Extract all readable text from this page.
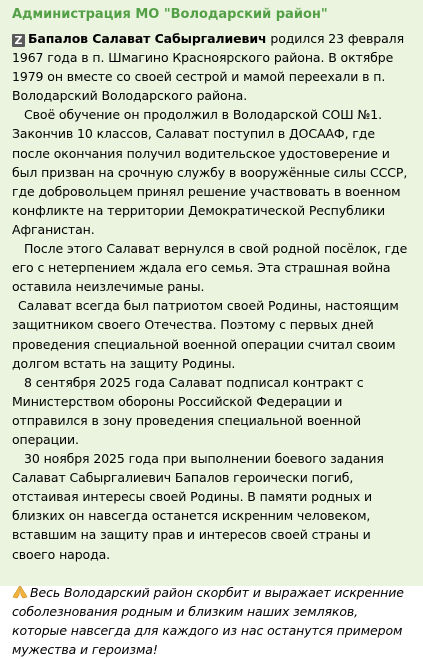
Администрация МО "Володарский район"

Z Бапалов Салават Сабыргалиевич родился 23 февраля 1967 года в п. Шмагино Красноярского района. В октябре 1979 он вместе со своей сестрой и мамой переехали в п. Володарский Володарского района.

Своё обучение он продолжил в Володарской СОШ №1. Закончив 10 классов, Салават поступил в ДОСААФ, где после окончания получил водительское удостоверение и был призван на срочную службу в вооружённые силы СССР, где добровольцем принял решение участвовать в военном конфликте на территории Демократической Республики Афганистан.

После этого Салават вернулся в свой родной посёлок, где его с нетерпением ждала его семья. Эта страшная война оставила неизлечимые раны.

Салават всегда был патриотом своей Родины, настоящим защитником своего Отечества. Поэтому с первых дней проведения специальной военной операции считал своим долгом встать на защиту Родины.

8 сентября 2025 года Салават подписал контракт с Министерством обороны Российской Федерации и отправился в зону проведения специальной военной операции.

30 ноября 2025 года при выполнении боевого задания Салават Сабыргалиевич Бапалов героически погиб, отстаивая интересы своей Родины. В памяти родных и близких он навсегда останется искренним человеком, вставшим на защиту прав и интересов своей страны и своего народа.

Весь Володарский район скорбит и выражает искренние соболезнования родным и близким наших земляков, которые навсегда для каждого из нас останутся примером мужества и героизма!
